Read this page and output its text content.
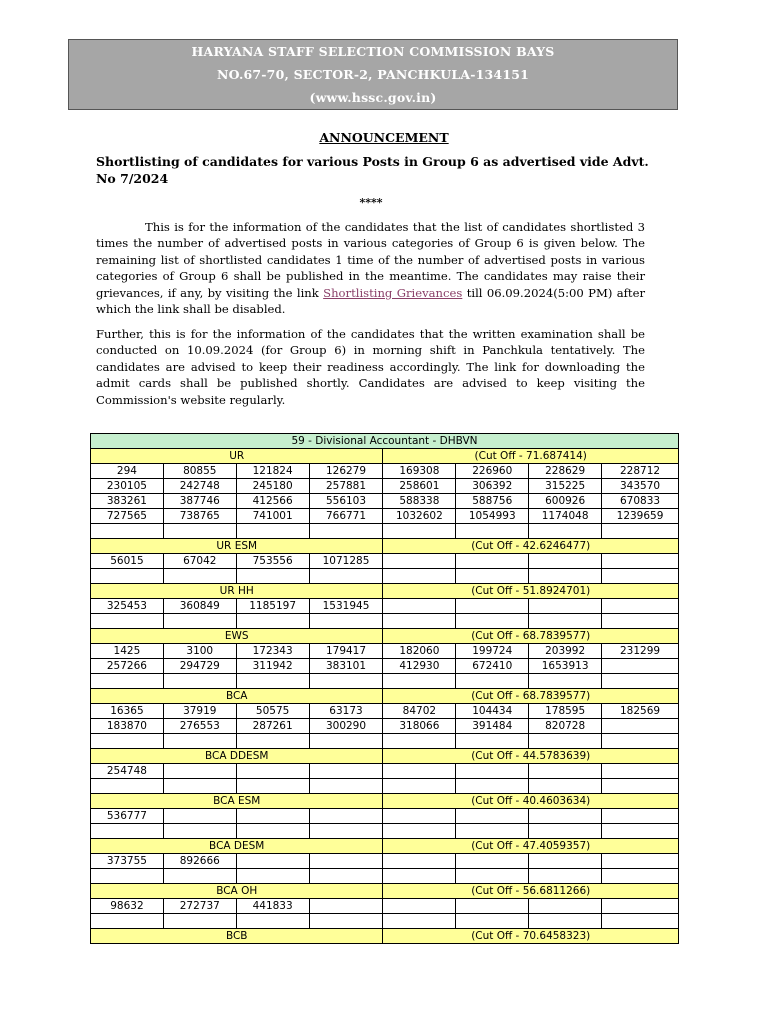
HARYANA STAFF SELECTION COMMISSION BAYS
NO.67-70, SECTOR-2, PANCHKULA-134151
(www.hssc.gov.in)
ANNOUNCEMENT
Shortlisting of candidates for various Posts in Group 6 as advertised vide Advt. No 7/2024
****
This is for the information of the candidates that the list of candidates shortlisted 3 times the number of advertised posts in various categories of Group 6 is given below. The remaining list of shortlisted candidates 1 time of the number of advertised posts in various categories of Group 6 shall be published in the meantime. The candidates may raise their grievances, if any, by visiting the link Shortlisting Grievances till 06.09.2024(5:00 PM) after which the link shall be disabled.
Further, this is for the information of the candidates that the written examination shall be conducted on 10.09.2024 (for Group 6) in morning shift in Panchkula tentatively. The candidates are advised to keep their readiness accordingly. The link for downloading the admit cards shall be published shortly. Candidates are advised to keep visiting the Commission's website regularly.
59 - Divisional Accountant - DHBVN							
UR				(Cut Off - 71.687414)			
294	80855	121824	126279	169308	226960	228629	228712
230105	242748	245180	257881	258601	306392	315225	343570
383261	387746	412566	556103	588338	588756	600926	670833
727565	738765	741001	766771	1032602	1054993	1174048	1239659

UR ESM				(Cut Off - 42.6246477)			
56015	67042	753556	1071285				

UR HH				(Cut Off - 51.8924701)			
325453	360849	1185197	1531945				

EWS				(Cut Off - 68.7839577)			
1425	3100	172343	179417	182060	199724	203992	231299
257266	294729	311942	383101	412930	672410	1653913	

BCA				(Cut Off - 68.7839577)			
16365	37919	50575	63173	84702	104434	178595	182569
183870	276553	287261	300290	318066	391484	820728	

BCA DDESM				(Cut Off - 44.5783639)			
254748							

BCA ESM				(Cut Off - 40.4603634)			
536777							

BCA DESM				(Cut Off - 47.4059357)			
373755	892666						

BCA OH				(Cut Off - 56.6811266)			
98632	272737	441833					

BCB				(Cut Off - 70.6458323)			
